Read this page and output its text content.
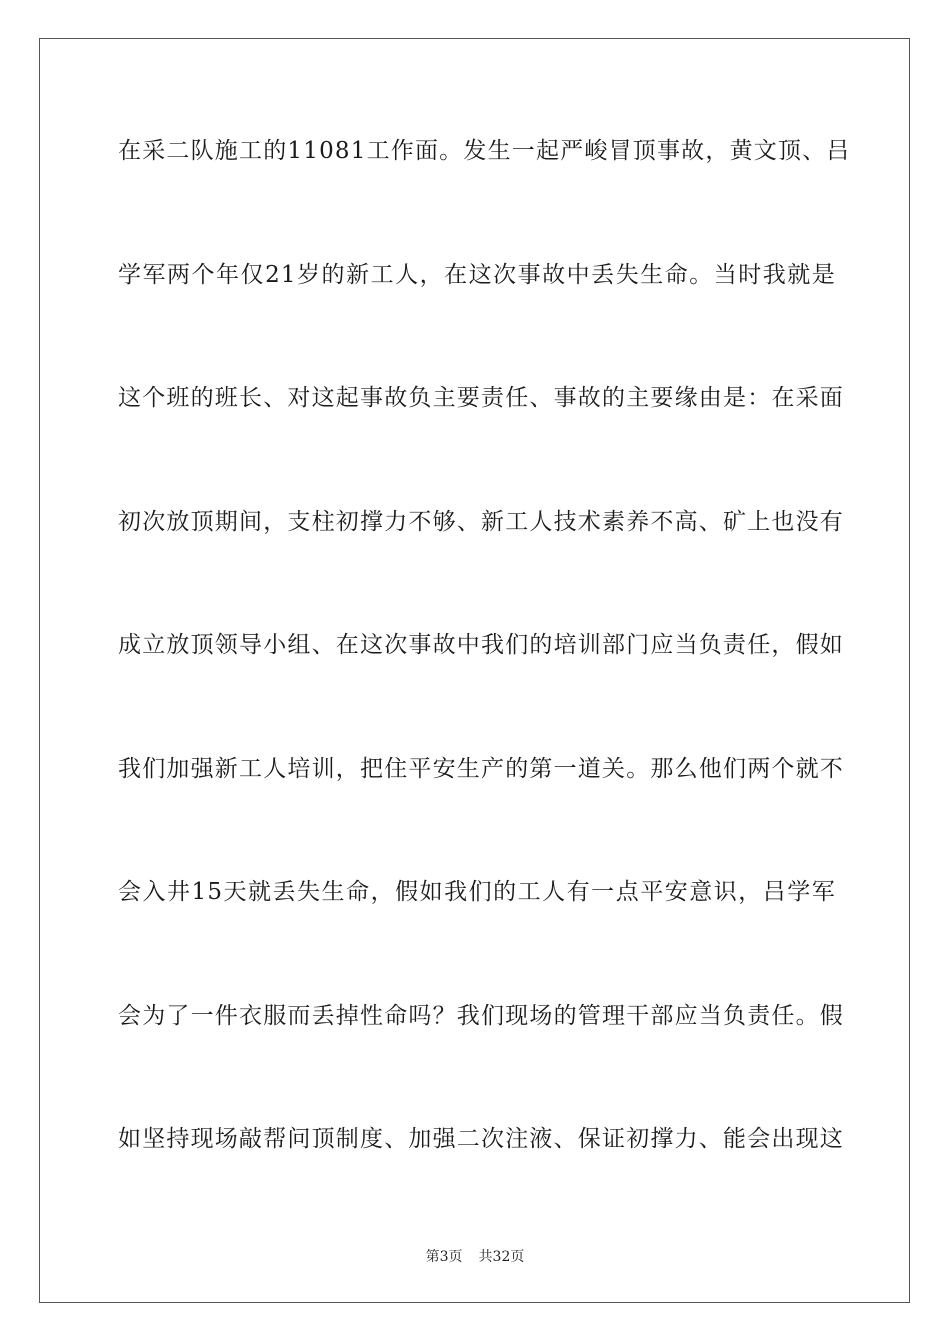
在采二队施工的11081工作面。发生一起严峻冒顶事故，黄文顶、吕
学军两个年仅21岁的新工人，在这次事故中丢失生命。当时我就是
这个班的班长、对这起事故负主要责任、事故的主要缘由是：在采面
初次放顶期间，支柱初撑力不够、新工人技术素养不高、矿上也没有
成立放顶领导小组、在这次事故中我们的培训部门应当负责任，假如
我们加强新工人培训，把住平安生产的第一道关。那么他们两个就不
会入井15天就丢失生命，假如我们的工人有一点平安意识，吕学军
会为了一件衣服而丢掉性命吗？我们现场的管理干部应当负责任。假
如坚持现场敲帮问顶制度、加强二次注液、保证初撑力、能会出现这
第3页 共32页
